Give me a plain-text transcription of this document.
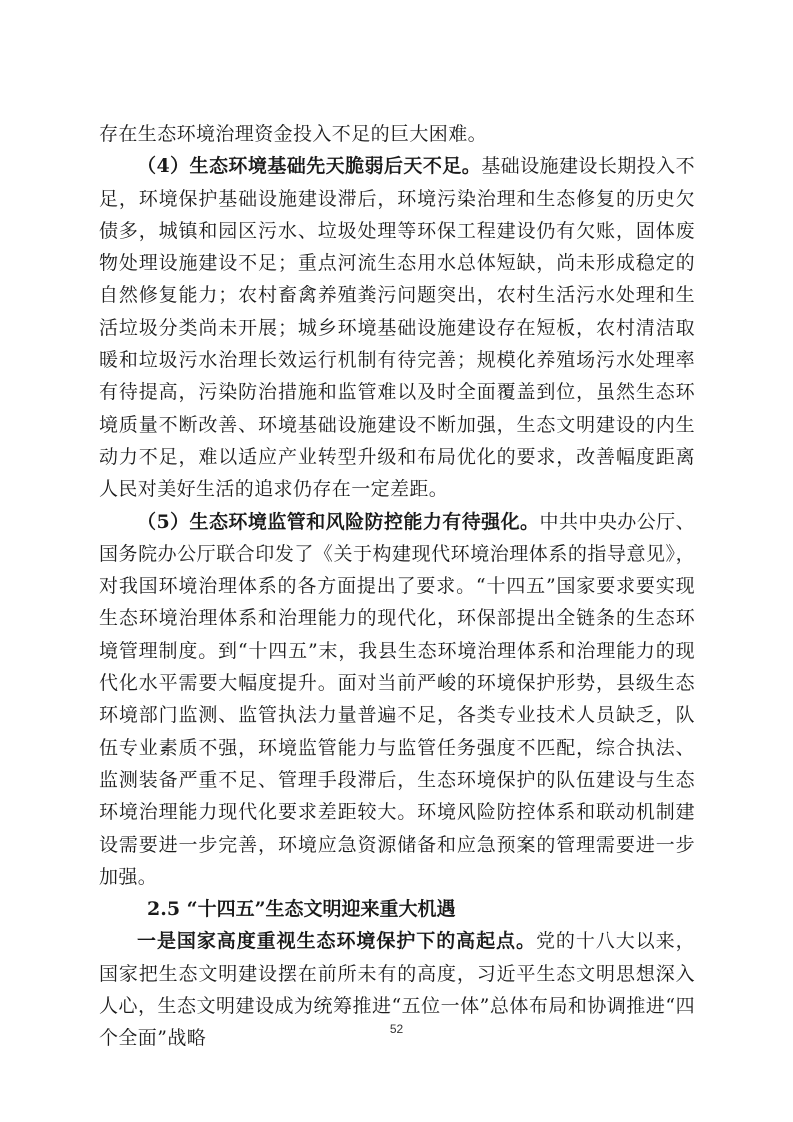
存在生态环境治理资金投入不足的巨大困难。

（4）生态环境基础先天脆弱后天不足。基础设施建设长期投入不足，环境保护基础设施建设滞后，环境污染治理和生态修复的历史欠债多，城镇和园区污水、垃圾处理等环保工程建设仍有欠账，固体废物处理设施建设不足；重点河流生态用水总体短缺，尚未形成稳定的自然修复能力；农村畜禽养殖粪污问题突出，农村生活污水处理和生活垃圾分类尚未开展；城乡环境基础设施建设存在短板，农村清洁取暖和垃圾污水治理长效运行机制有待完善；规模化养殖场污水处理率有待提高，污染防治措施和监管难以及时全面覆盖到位，虽然生态环境质量不断改善、环境基础设施建设不断加强，生态文明建设的内生动力不足，难以适应产业转型升级和布局优化的要求，改善幅度距离人民对美好生活的追求仍存在一定差距。

（5）生态环境监管和风险防控能力有待强化。中共中央办公厅、国务院办公厅联合印发了《关于构建现代环境治理体系的指导意见》，对我国环境治理体系的各方面提出了要求。“十四五”国家要求要实现生态环境治理体系和治理能力的现代化，环保部提出全链条的生态环境管理制度。到“十四五”末，我县生态环境治理体系和治理能力的现代化水平需要大幅度提升。面对当前严峻的环境保护形势，县级生态环境部门监测、监管执法力量普遍不足，各类专业技术人员缺乏，队伍专业素质不强，环境监管能力与监管任务强度不匹配，综合执法、监测装备严重不足、管理手段滞后，生态环境保护的队伍建设与生态环境治理能力现代化要求差距较大。环境风险防控体系和联动机制建设需要进一步完善，环境应急资源储备和应急预案的管理需要进一步加强。

2.5 “十四五”生态文明迎来重大机遇

一是国家高度重视生态环境保护下的高起点。党的十八大以来，国家把生态文明建设摆在前所未有的高度，习近平生态文明思想深入人心，生态文明建设成为统筹推进“五位一体”总体布局和协调推进“四个全面”战略	52
